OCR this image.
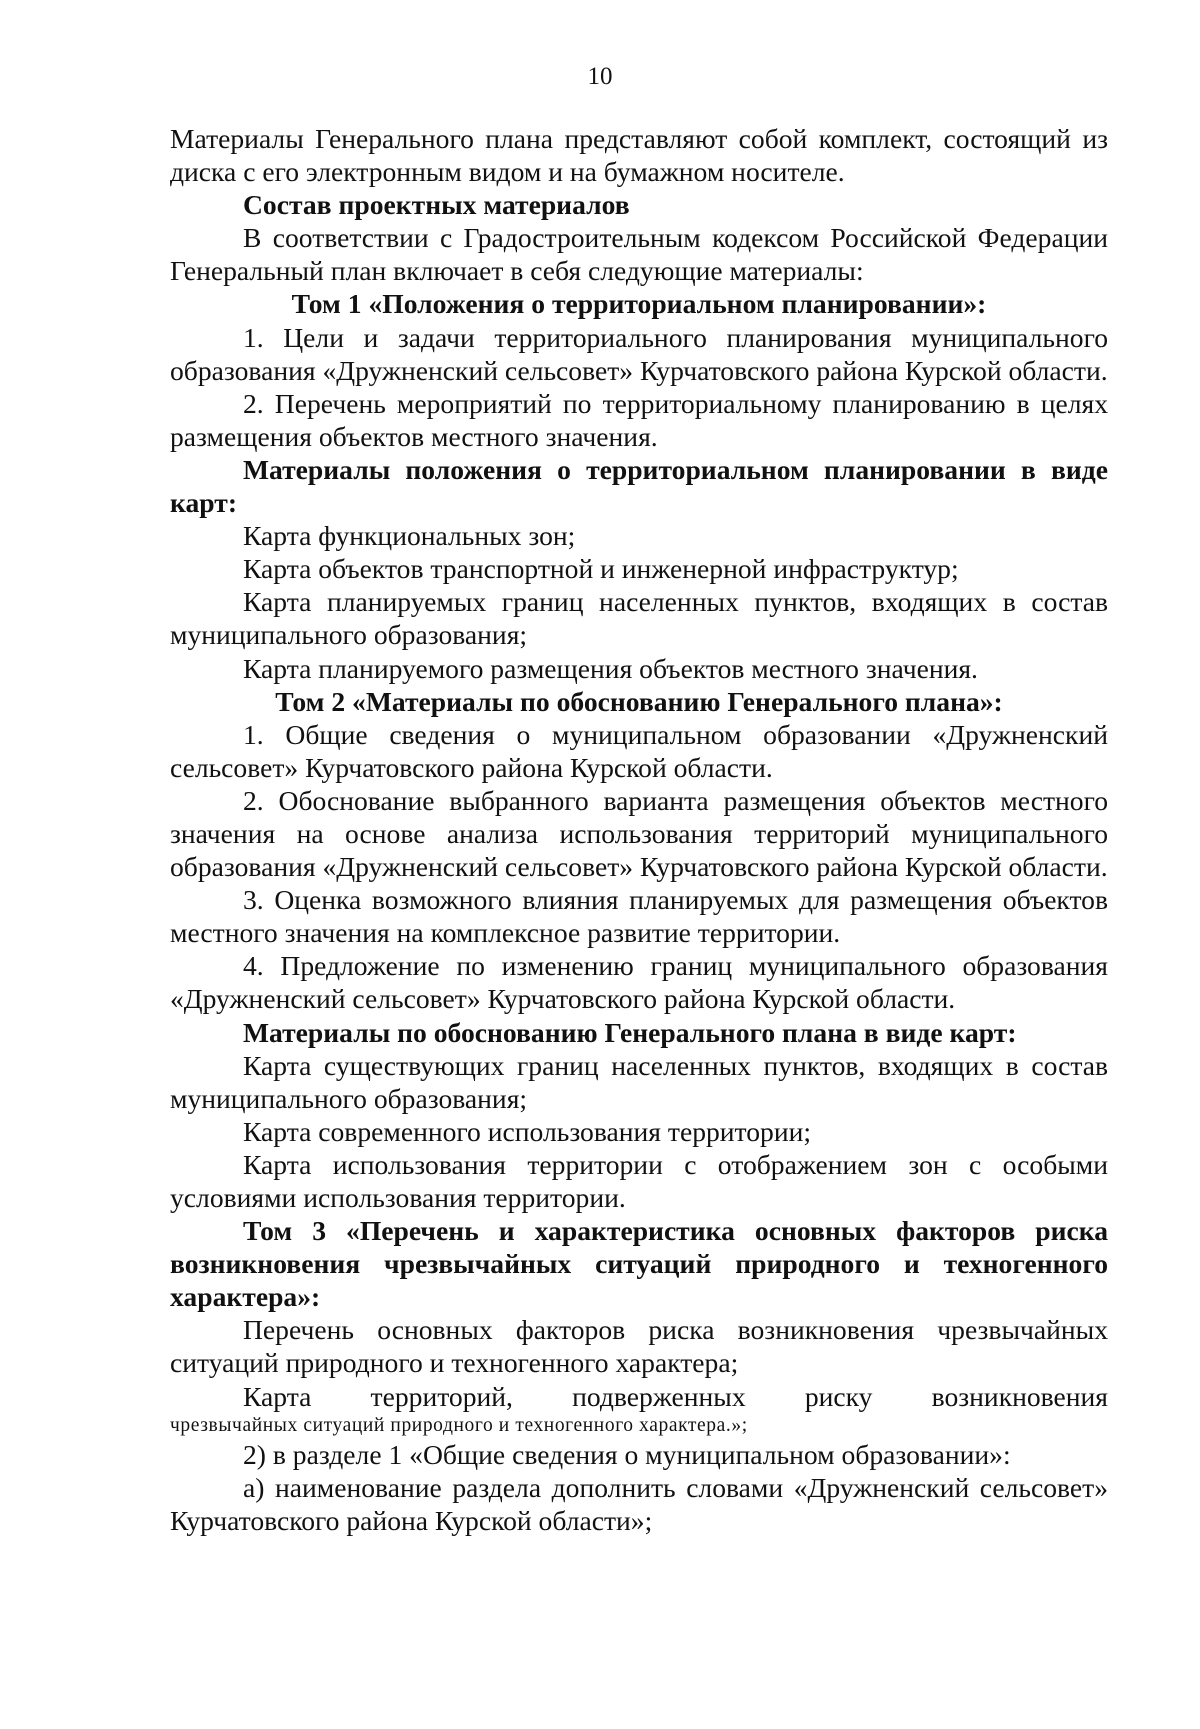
10

Материалы Генерального плана представляют собой комплект, состоящий из диска с его электронным видом и на бумажном носителе.

Состав проектных материалов

В соответствии с Градостроительным кодексом Российской Федерации Генеральный план включает в себя следующие материалы:

Том 1 «Положения о территориальном планировании»:

1. Цели и задачи территориального планирования муниципального образования «Дружненский сельсовет» Курчатовского района Курской области.

2. Перечень мероприятий по территориальному планированию в целях размещения объектов местного значения.

Материалы положения о территориальном планировании в виде карт:

Карта функциональных зон;

Карта объектов транспортной и инженерной инфраструктур;

Карта планируемых границ населенных пунктов, входящих в состав муниципального образования;

Карта планируемого размещения объектов местного значения.

Том 2 «Материалы по обоснованию Генерального плана»:

1. Общие сведения о муниципальном образовании «Дружненский сельсовет» Курчатовского района Курской области.

2. Обоснование выбранного варианта размещения объектов местного значения на основе анализа использования территорий муниципального образования «Дружненский сельсовет» Курчатовского района Курской области.

3. Оценка возможного влияния планируемых для размещения объектов местного значения на комплексное развитие территории.

4. Предложение по изменению границ муниципального образования «Дружненский сельсовет» Курчатовского района Курской области.

Материалы по обоснованию Генерального плана в виде карт:

Карта существующих границ населенных пунктов, входящих в состав муниципального образования;

Карта современного использования территории;

Карта использования территории с отображением зон с особыми условиями использования территории.

Том 3 «Перечень и характеристика основных факторов риска возникновения чрезвычайных ситуаций природного и техногенного характера»:

Перечень основных факторов риска возникновения чрезвычайных ситуаций природного и техногенного характера;

Карта территорий, подверженных риску возникновения

чрезвычайных ситуаций природного и техногенного характера.»;

2) в разделе 1 «Общие сведения о муниципальном образовании»:

а) наименование раздела дополнить словами «Дружненский сельсовет» Курчатовского района Курской области»;
